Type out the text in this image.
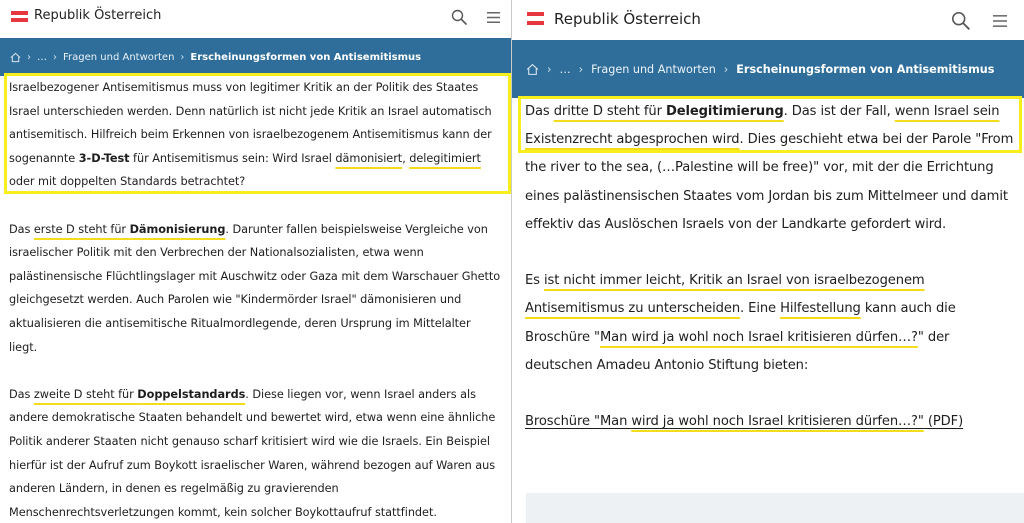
Republik Österreich
› … › Fragen und Antworten › Erscheinungsformen von Antisemitismus

Israelbezogener Antisemitismus muss von legitimer Kritik an der Politik des Staates Israel unterschieden werden. Denn natürlich ist nicht jede Kritik an Israel automatisch antisemitisch. Hilfreich beim Erkennen von israelbezogenem Antisemitismus kann der sogenannte 3-D-Test für Antisemitismus sein: Wird Israel dämonisiert, delegitimiert oder mit doppelten Standards betrachtet?

Das erste D steht für Dämonisierung. Darunter fallen beispielsweise Vergleiche von israelischer Politik mit den Verbrechen der Nationalsozialisten, etwa wenn palästinensische Flüchtlingslager mit Auschwitz oder Gaza mit dem Warschauer Ghetto gleichgesetzt werden. Auch Parolen wie "Kindermörder Israel" dämonisieren und aktualisieren die antisemitische Ritualmordlegende, deren Ursprung im Mittelalter liegt.

Das zweite D steht für Doppelstandards. Diese liegen vor, wenn Israel anders als andere demokratische Staaten behandelt und bewertet wird, etwa wenn eine ähnliche Politik anderer Staaten nicht genauso scharf kritisiert wird wie die Israels. Ein Beispiel hierfür ist der Aufruf zum Boykott israelischer Waren, während bezogen auf Waren aus anderen Ländern, in denen es regelmäßig zu gravierenden Menschenrechtsverletzungen kommt, kein solcher Boykottaufruf stattfindet.

Republik Österreich
› … › Fragen und Antworten › Erscheinungsformen von Antisemitismus

Das dritte D steht für Delegitimierung. Das ist der Fall, wenn Israel sein Existenzrecht abgesprochen wird. Dies geschieht etwa bei der Parole "From the river to the sea, (…Palestine will be free)" vor, mit der die Errichtung eines palästinensischen Staates vom Jordan bis zum Mittelmeer und damit effektiv das Auslöschen Israels von der Landkarte gefordert wird.

Es ist nicht immer leicht, Kritik an Israel von israelbezogenem Antisemitismus zu unterscheiden. Eine Hilfestellung kann auch die Broschüre "Man wird ja wohl noch Israel kritisieren dürfen…?" der deutschen Amadeu Antonio Stiftung bieten:

Broschüre "Man wird ja wohl noch Israel kritisieren dürfen…?" (PDF)
